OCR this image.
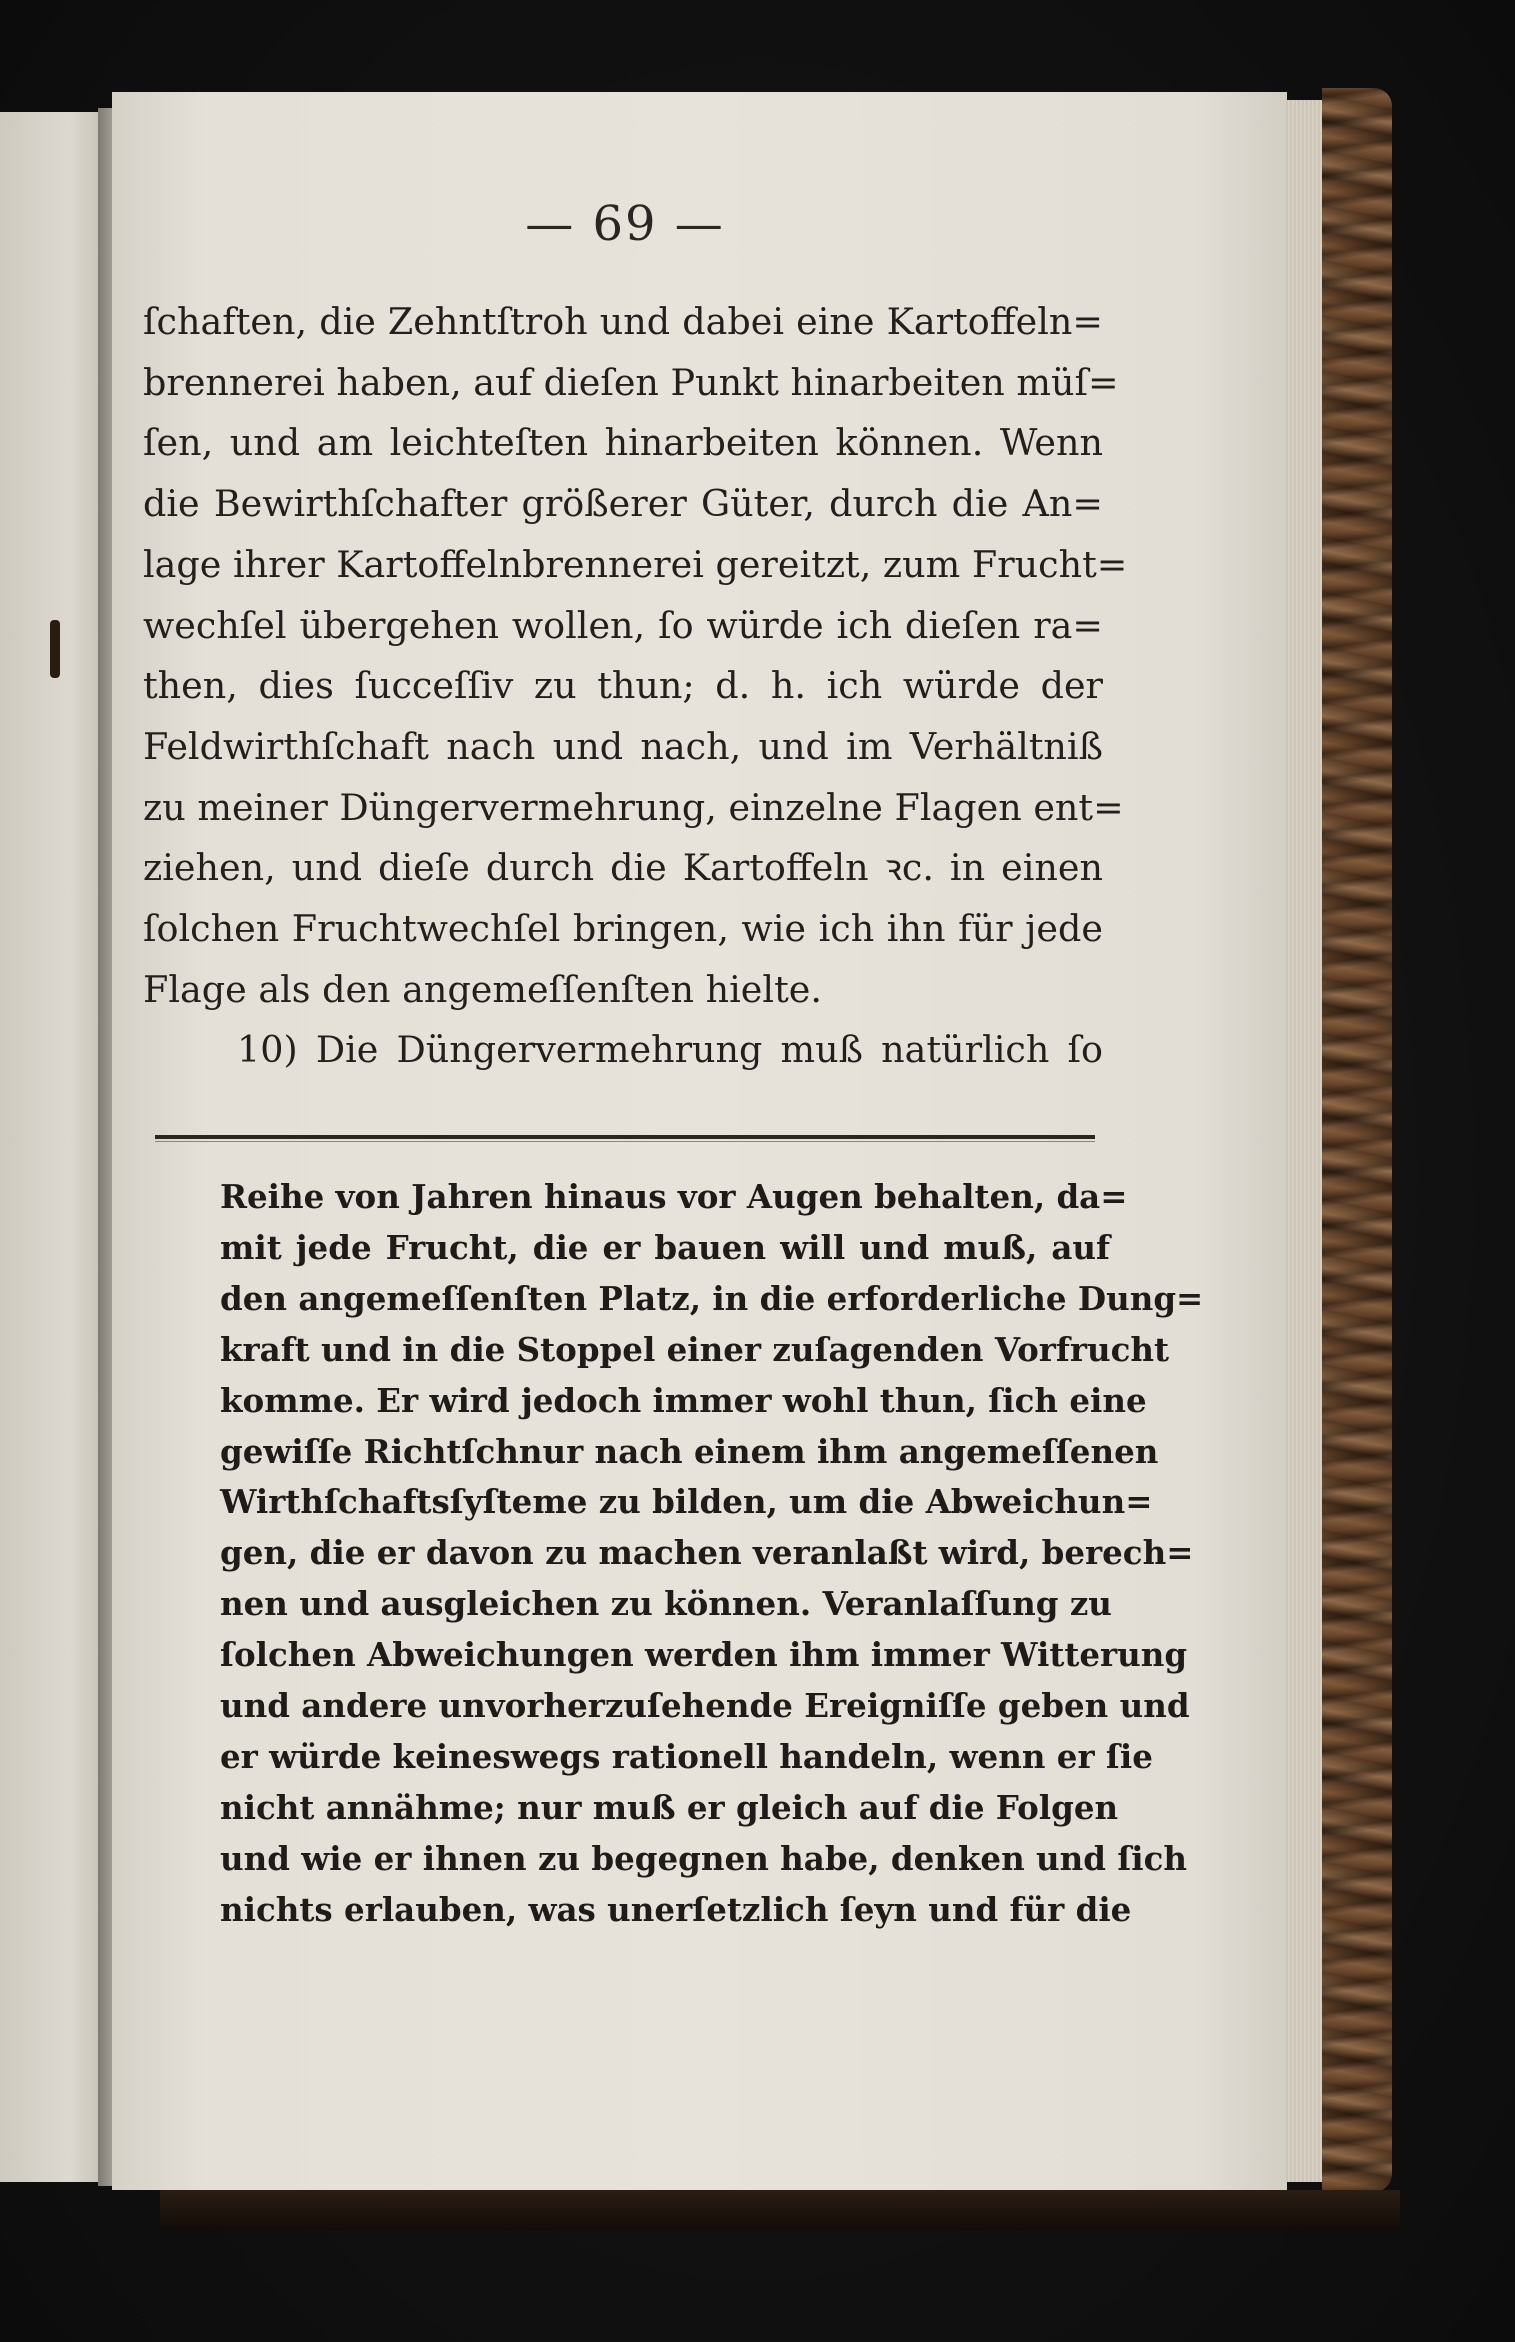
— 69 —
ſchaften, die Zehntſtroh und dabei eine Kartoffeln=
brennerei haben, auf dieſen Punkt hinarbeiten müſ=
ſen, und am leichteſten hinarbeiten können. Wenn
die Bewirthſchafter größerer Güter, durch die An=
lage ihrer Kartoffelnbrennerei gereitzt, zum Frucht=
wechſel übergehen wollen, ſo würde ich dieſen ra=
then, dies ſucceſſiv zu thun; d. h. ich würde der
Feldwirthſchaft nach und nach, und im Verhältniß
zu meiner Düngervermehrung, einzelne Flagen ent=
ziehen, und dieſe durch die Kartoffeln ꝛc. in einen
ſolchen Fruchtwechſel bringen, wie ich ihn für jede
Flage als den angemeſſenſten hielte.
10) Die Düngervermehrung muß natürlich ſo
Reihe von Jahren hinaus vor Augen behalten, da=
mit jede Frucht, die er bauen will und muß, auf
den angemeſſenſten Platz, in die erforderliche Dung=
kraft und in die Stoppel einer zuſagenden Vorfrucht
komme. Er wird jedoch immer wohl thun, ſich eine
gewiſſe Richtſchnur nach einem ihm angemeſſenen
Wirthſchaftsſyſteme zu bilden, um die Abweichun=
gen, die er davon zu machen veranlaßt wird, berech=
nen und ausgleichen zu können. Veranlaſſung zu
ſolchen Abweichungen werden ihm immer Witterung
und andere unvorherzuſehende Ereigniſſe geben und
er würde keineswegs rationell handeln, wenn er ſie
nicht annähme; nur muß er gleich auf die Folgen
und wie er ihnen zu begegnen habe, denken und ſich
nichts erlauben, was unerſetzlich ſeyn und für die
